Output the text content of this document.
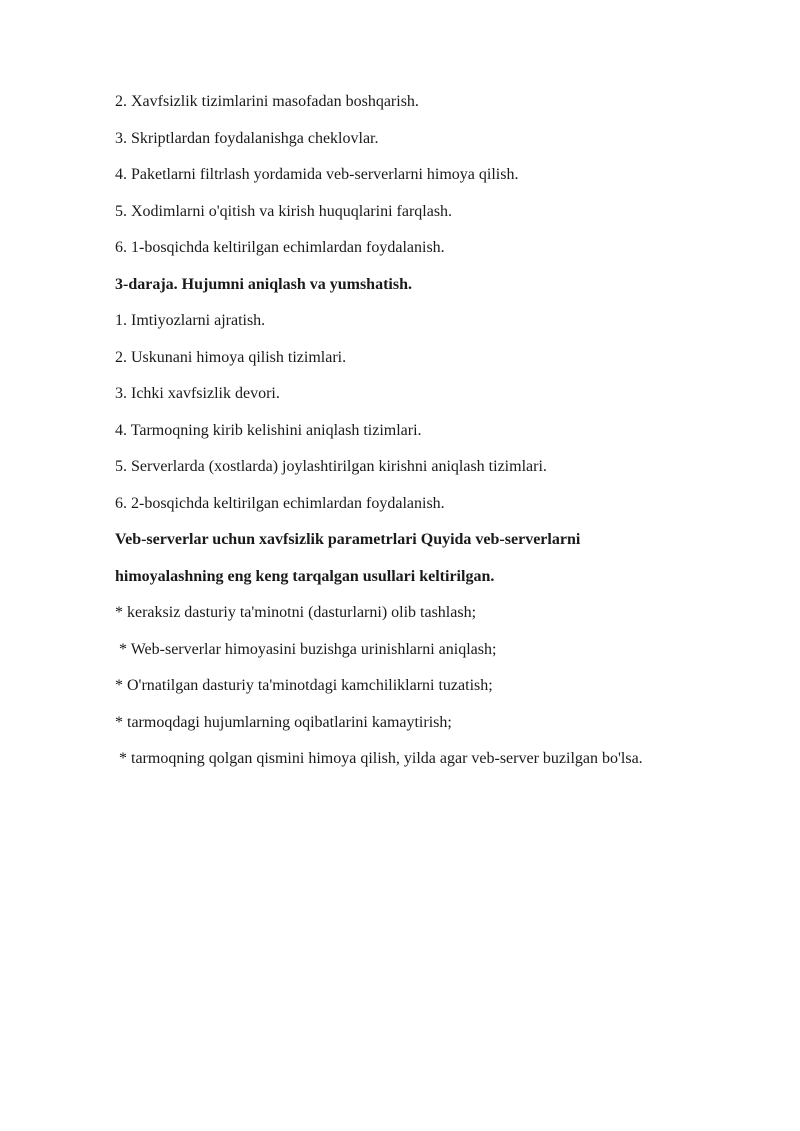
2. Xavfsizlik tizimlarini masofadan boshqarish.
3. Skriptlardan foydalanishga cheklovlar.
4. Paketlarni filtrlash yordamida veb-serverlarni himoya qilish.
5. Xodimlarni o'qitish va kirish huquqlarini farqlash.
6. 1-bosqichda keltirilgan echimlardan foydalanish.
3-daraja. Hujumni aniqlash va yumshatish.
1. Imtiyozlarni ajratish.
2. Uskunani himoya qilish tizimlari.
3. Ichki xavfsizlik devori.
4. Tarmoqning kirib kelishini aniqlash tizimlari.
5. Serverlarda (xostlarda) joylashtirilgan kirishni aniqlash tizimlari.
6. 2-bosqichda keltirilgan echimlardan foydalanish.
Veb-serverlar uchun xavfsizlik parametrlari Quyida veb-serverlarni
himoyalashning eng keng tarqalgan usullari keltirilgan.
* keraksiz dasturiy ta'minotni (dasturlarni) olib tashlash;
* Web-serverlar himoyasini buzishga urinishlarni aniqlash;
* O'rnatilgan dasturiy ta'minotdagi kamchiliklarni tuzatish;
* tarmoqdagi hujumlarning oqibatlarini kamaytirish;
* tarmoqning qolgan qismini himoya qilish, yilda agar veb-server buzilgan bo'lsa.
